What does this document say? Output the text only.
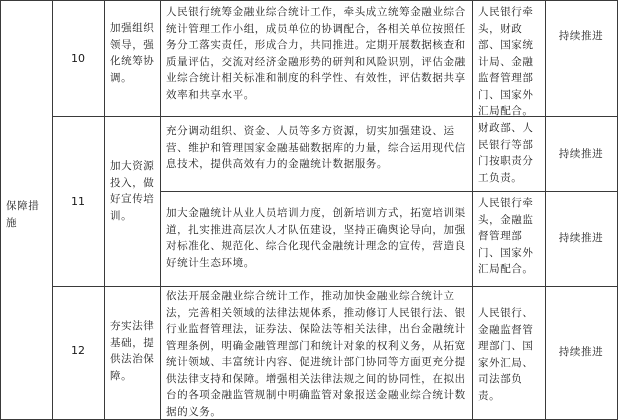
保障措施
10
加强组织领导，强化统筹协调。
人民银行统筹金融业综合统计工作，牵头成立统筹金融业综合统计管理工作小组，成员单位的协调配合，各相关单位按照任务分工落实责任，形成合力，共同推进。定期开展数据核查和质量评估，交流对经济金融形势的研判和风险识别，评估金融业综合统计相关标准和制度的科学性、有效性，评估数据共享效率和共享水平。
人民银行牵头，财政部、国家统计局、金融监督管理部门、国家外汇局配合。
持续推进
11
加大资源投入，做好宣传培训。
充分调动组织、资金、人员等多方资源，切实加强建设、运营、维护和管理国家金融基础数据库的力量，综合运用现代信息技术，提供高效有力的金融统计数据服务。
财政部、人民银行等部门按职责分工负责。
持续推进
加大金融统计从业人员培训力度，创新培训方式，拓宽培训渠道，扎实推进高层次人才队伍建设，坚持正确舆论导向，加强对标准化、规范化、综合化现代金融统计理念的宣传，营造良好统计生态环境。
人民银行牵头，金融监督管理部门、国家外汇局配合。
持续推进
12
夯实法律基础，提供法治保障。
依法开展金融业综合统计工作，推动加快金融业综合统计立法，完善相关领域的法律法规体系，推动修订人民银行法、银行业监督管理法，证券法、保险法等相关法律，出台金融统计管理条例，明确金融管理部门和统计对象的权利义务，从拓宽统计领域、丰富统计内容、促进统计部门协同等方面更充分提供法律支持和保障。增强相关法律法规之间的协同性，在拟出台的各项金融监管规制中明确监管对象报送金融业综合统计数据的义务。
人民银行、金融监督管理部门、国家外汇局、司法部负责。
持续推进
